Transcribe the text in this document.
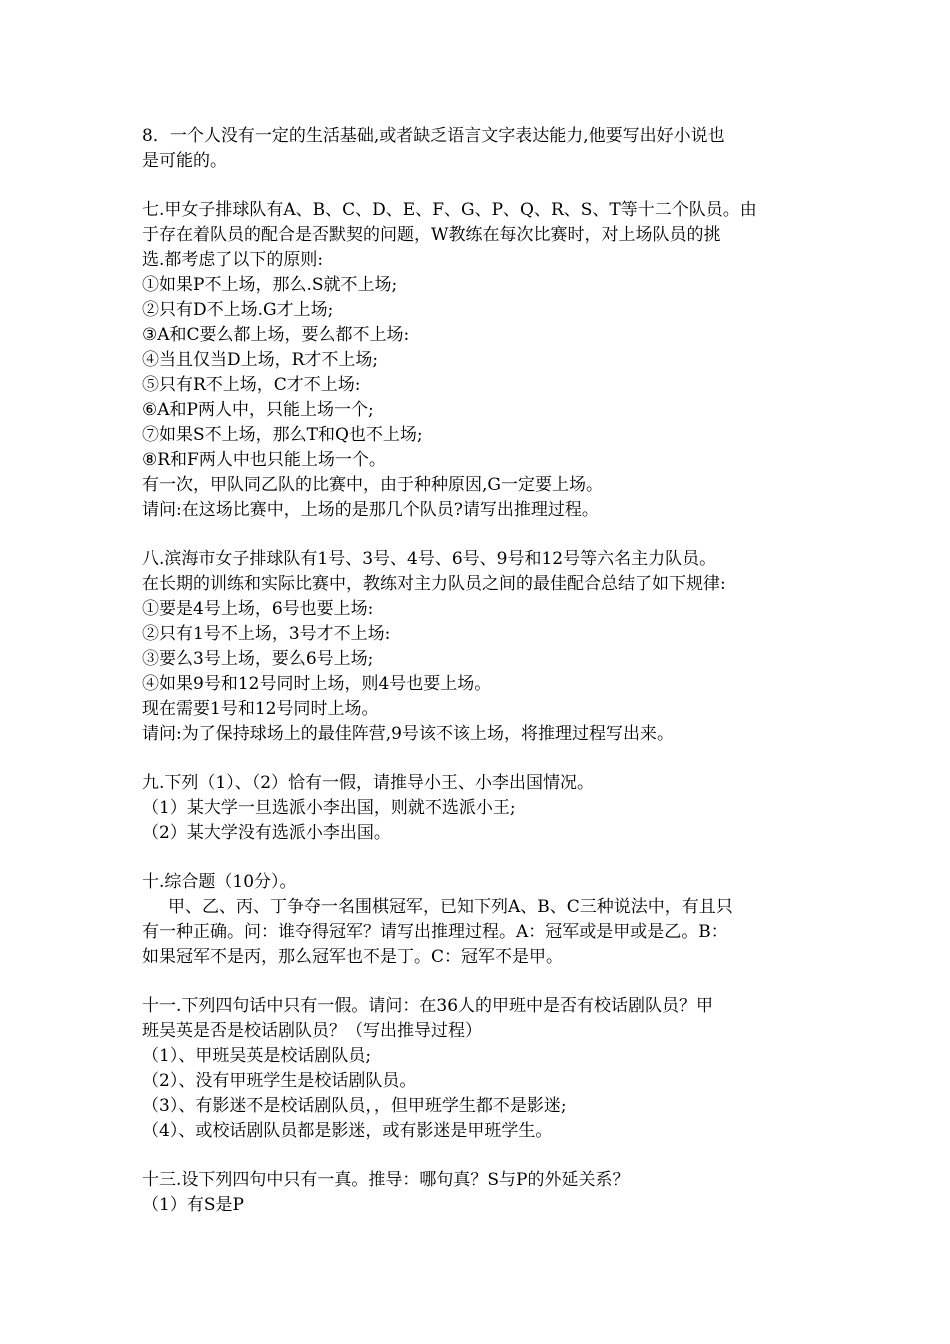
8．一个人没有一定的生活基础,或者缺乏语言文字表达能力,他要写出好小说也
是可能的。
七.甲女子排球队有A、B、C、D、E、F、G、P、Q、R、S、T等十二个队员。由
于存在着队员的配合是否默契的问题，W教练在每次比赛时，对上场队员的挑
选.都考虑了以下的原则:
①如果P不上场，那么.S就不上场;
②只有D不上场.G才上场;
③A和C要么都上场，要么都不上场:
④当且仅当D上场，R才不上场;
⑤只有R不上场，C才不上场:
⑥A和P两人中，只能上场一个;
⑦如果S不上场，那么T和Q也不上场;
⑧R和F两人中也只能上场一个。
有一次，甲队同乙队的比赛中，由于种种原因,G一定要上场。
请问:在这场比赛中，上场的是那几个队员?请写出推理过程。
八.滨海市女子排球队有1号、3号、4号、6号、9号和12号等六名主力队员。
在长期的训练和实际比赛中，教练对主力队员之间的最佳配合总结了如下规律:
①要是4号上场，6号也要上场:
②只有1号不上场，3号才不上场:
③要么3号上场，要么6号上场;
④如果9号和12号同时上场，则4号也要上场。
现在需要1号和12号同时上场。
请问:为了保持球场上的最佳阵营,9号该不该上场，将推理过程写出来。
九.下列（1）、（2）恰有一假，请推导小王、小李出国情况。
（1）某大学一旦选派小李出国，则就不选派小王;
（2）某大学没有选派小李出国。
十.综合题（10分）。
甲、乙、丙、丁争夺一名围棋冠军，已知下列A、B、C三种说法中，有且只
有一种正确。问：谁夺得冠军？请写出推理过程。A：冠军或是甲或是乙。B：
如果冠军不是丙，那么冠军也不是丁。C：冠军不是甲。
十一.下列四句话中只有一假。请问：在36人的甲班中是否有校话剧队员？甲
班吴英是否是校话剧队员？（写出推导过程）
（1）、甲班吴英是校话剧队员;
（2）、没有甲班学生是校话剧队员。
（3）、有影迷不是校话剧队员，，但甲班学生都不是影迷;
（4）、或校话剧队员都是影迷，或有影迷是甲班学生。
十三.设下列四句中只有一真。推导：哪句真？S与P的外延关系？
（1）有S是P
